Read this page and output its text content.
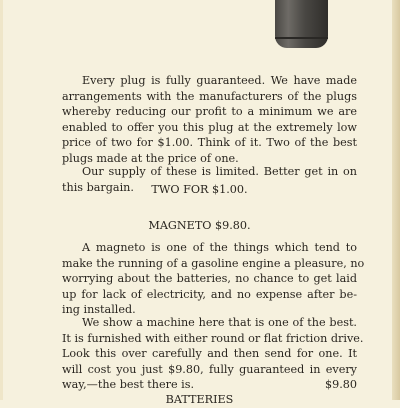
Every plug is fully guaranteed. We have made
arrangements with the manufacturers of the plugs
whereby reducing our profit to a minimum we are
enabled to offer you this plug at the extremely low
price of two for $1.00. Think of it. Two of the best
plugs made at the price of one.
Our supply of these is limited. Better get in on
this bargain.	TWO FOR $1.00.
MAGNETO $9.80.
A magneto is one of the things which tend to
make the running of a gasoline engine a pleasure, no
worrying about the batteries, no chance to get laid
up for lack of electricity, and no expense after be-
ing installed.
We show a machine here that is one of the best.
It is furnished with either round or flat friction drive.
Look this over carefully and then send for one. It
will cost you just $9.80, fully guaranteed in every
way,—the best there is.	$9.80
BATTERIES
